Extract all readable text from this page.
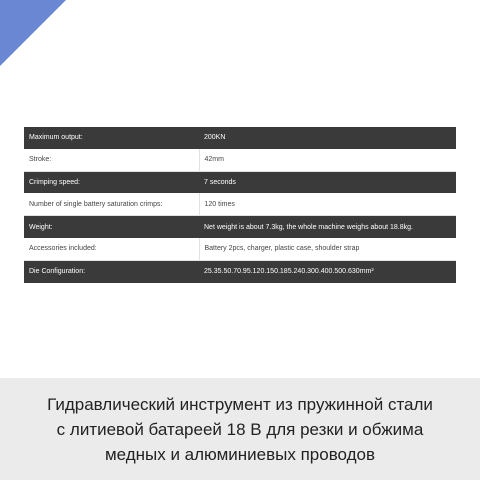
Maximum output:	200KN
Stroke:	42mm
Crimping speed:	7 seconds
Number of single battery saturation crimps:	120 times
Weight:	Net weight is about 7.3kg, the whole machine weighs about 18.8kg.
Accessories included:	Battery 2pcs, charger, plastic case, shoulder strap
Die Configuration:	25.35.50.70.95.120.150.185.240.300.400.500.630mm²
Гидравлический инструмент из пружинной стали
с литиевой батареей 18 В для резки и обжима
медных и алюминиевых проводов
